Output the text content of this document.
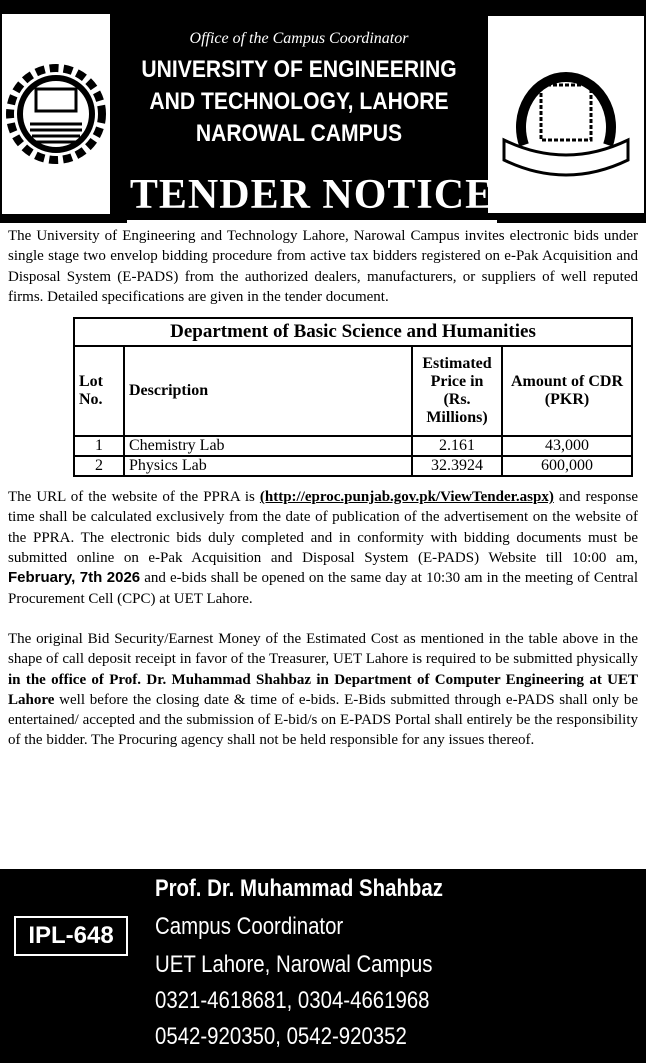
Office of the Campus Coordinator
UNIVERSITY OF ENGINEERING
AND TECHNOLOGY, LAHORE
NAROWAL CAMPUS
TENDER NOTICE

The University of Engineering and Technology Lahore, Narowal Campus invites electronic bids under single stage two envelop bidding procedure from active tax bidders registered on e-Pak Acquisition and Disposal System (E-PADS) from the authorized dealers, manufacturers, or suppliers of well reputed firms. Detailed specifications are given in the tender document.

Department of Basic Science and Humanities			
Lot No.	Description	Estimated Price in (Rs. Millions)	Amount of CDR (PKR)
1	Chemistry Lab	2.161	43,000
2	Physics Lab	32.3924	600,000

The URL of the website of the PPRA is (http://eproc.punjab.gov.pk/ViewTender.aspx) and response time shall be calculated exclusively from the date of publication of the advertisement on the website of the PPRA. The electronic bids duly completed and in conformity with bidding documents must be submitted online on e-Pak Acquisition and Disposal System (E-PADS) Website till 10:00 am, February, 7th 2026 and e-bids shall be opened on the same day at 10:30 am in the meeting of Central Procurement Cell (CPC) at UET Lahore.

The original Bid Security/Earnest Money of the Estimated Cost as mentioned in the table above in the shape of call deposit receipt in favor of the Treasurer, UET Lahore is required to be submitted physically in the office of Prof. Dr. Muhammad Shahbaz in Department of Computer Engineering at UET Lahore well before the closing date & time of e-bids. E-Bids submitted through e-PADS shall only be entertained/ accepted and the submission of E-bid/s on E-PADS Portal shall entirely be the responsibility of the bidder. The Procuring agency shall not be held responsible for any issues thereof.

IPL-648
Prof. Dr. Muhammad Shahbaz
Campus Coordinator
UET Lahore, Narowal Campus
0321-4618681, 0304-4661968
0542-920350, 0542-920352
